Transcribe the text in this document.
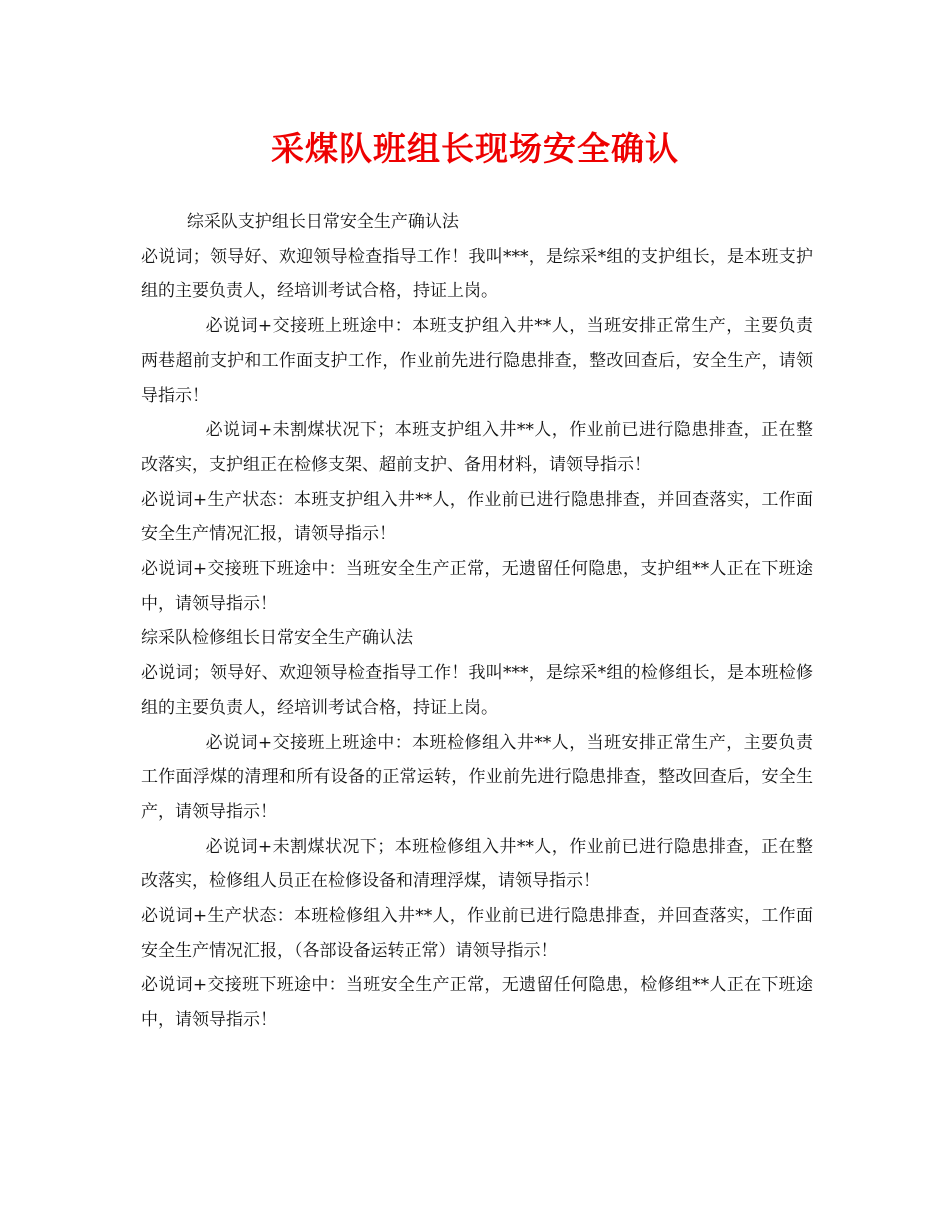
采煤队班组长现场安全确认

综采队支护组长日常安全生产确认法

必说词；领导好、欢迎领导检查指导工作！我叫***，是综采*组的支护组长，是本班支护组的主要负责人，经培训考试合格，持证上岗。

必说词+交接班上班途中：本班支护组入井**人，当班安排正常生产，主要负责两巷超前支护和工作面支护工作，作业前先进行隐患排查，整改回查后，安全生产，请领导指示！

必说词+未割煤状况下；本班支护组入井**人，作业前已进行隐患排查，正在整改落实，支护组正在检修支架、超前支护、备用材料，请领导指示！

必说词+生产状态：本班支护组入井**人，作业前已进行隐患排查，并回查落实，工作面安全生产情况汇报，请领导指示！

必说词+交接班下班途中：当班安全生产正常，无遗留任何隐患，支护组**人正在下班途中，请领导指示！

综采队检修组长日常安全生产确认法

必说词；领导好、欢迎领导检查指导工作！我叫***，是综采*组的检修组长，是本班检修组的主要负责人，经培训考试合格，持证上岗。

必说词+交接班上班途中：本班检修组入井**人，当班安排正常生产，主要负责工作面浮煤的清理和所有设备的正常运转，作业前先进行隐患排查，整改回查后，安全生产，请领导指示！

必说词+未割煤状况下；本班检修组入井**人，作业前已进行隐患排查，正在整改落实，检修组人员正在检修设备和清理浮煤，请领导指示！

必说词+生产状态：本班检修组入井**人，作业前已进行隐患排查，并回查落实，工作面安全生产情况汇报，（各部设备运转正常）请领导指示！

必说词+交接班下班途中：当班安全生产正常，无遗留任何隐患，检修组**人正在下班途中，请领导指示！
